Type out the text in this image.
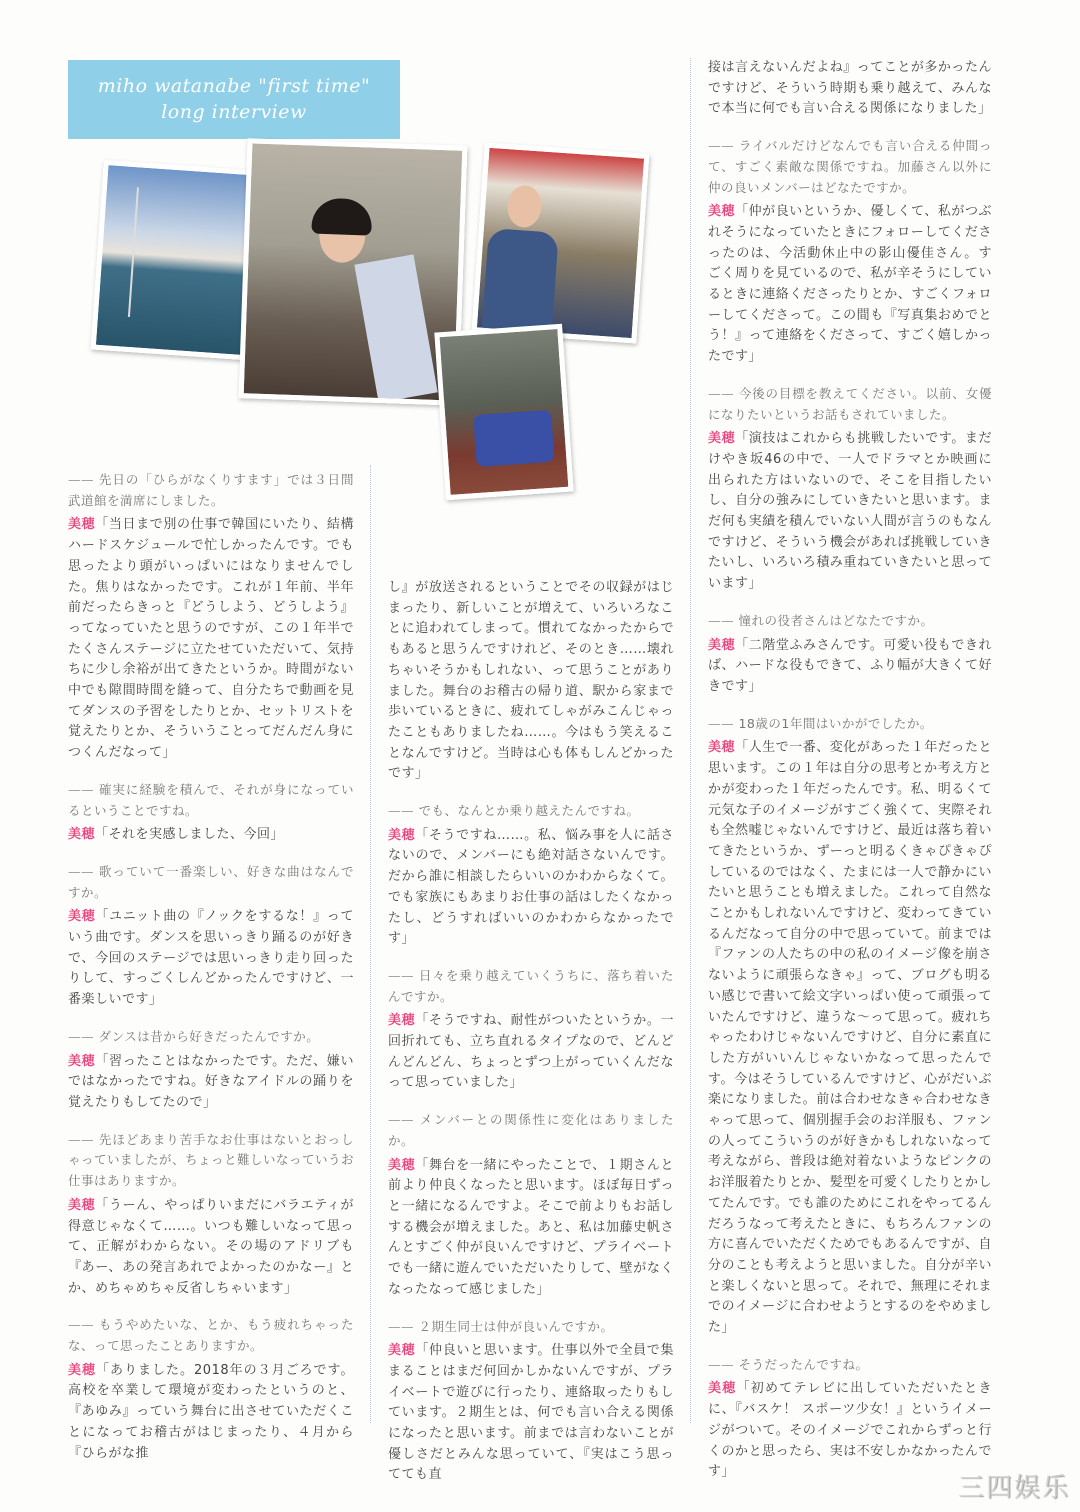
miho watanabe "first time"
long interview

—— 先日の「ひらがなくりすます」では３日間武道館を満席にしました。

美穂「当日まで別の仕事で韓国にいたり、結構ハードスケジュールで忙しかったんです。でも思ったより頭がいっぱいにはなりませんでした。焦りはなかったです。これが１年前、半年前だったらきっと『どうしよう、どうしよう』ってなっていたと思うのですが、この１年半でたくさんステージに立たせていただいて、気持ちに少し余裕が出てきたというか。時間がない中でも隙間時間を縫って、自分たちで動画を見てダンスの予習をしたりとか、セットリストを覚えたりとか、そういうことってだんだん身につくんだなって」

—— 確実に経験を積んで、それが身になっているということですね。

美穂「それを実感しました、今回」

—— 歌っていて一番楽しい、好きな曲はなんですか。

美穂「ユニット曲の『ノックをするな！』っていう曲です。ダンスを思いっきり踊るのが好きで、今回のステージでは思いっきり走り回ったりして、すっごくしんどかったんですけど、一番楽しいです」

—— ダンスは昔から好きだったんですか。

美穂「習ったことはなかったです。ただ、嫌いではなかったですね。好きなアイドルの踊りを覚えたりもしてたので」

—— 先ほどあまり苦手なお仕事はないとおっしゃっていましたが、ちょっと難しいなっていうお仕事はありますか。

美穂「うーん、やっぱりいまだにバラエティが得意じゃなくて……。いつも難しいなって思って、正解がわからない。その場のアドリブも『あー、あの発言あれでよかったのかなー』とか、めちゃめちゃ反省しちゃいます」

—— もうやめたいな、とか、もう疲れちゃったな、って思ったことありますか。

美穂「ありました。2018年の３月ごろです。高校を卒業して環境が変わったというのと、『あゆみ』っていう舞台に出させていただくことになってお稽古がはじまったり、４月から『ひらがな推

し』が放送されるということでその収録がはじまったり、新しいことが増えて、いろいろなことに追われてしまって。慣れてなかったからでもあると思うんですけれど、そのとき……壊れちゃいそうかもしれない、って思うことがありました。舞台のお稽古の帰り道、駅から家まで歩いているときに、疲れてしゃがみこんじゃったこともありましたね……。今はもう笑えることなんですけど。当時は心も体もしんどかったです」

—— でも、なんとか乗り越えたんですね。

美穂「そうですね……。私、悩み事を人に話さないので、メンバーにも絶対話さないんです。だから誰に相談したらいいのかわからなくて。でも家族にもあまりお仕事の話はしたくなかったし、どうすればいいのかわからなかったです」

—— 日々を乗り越えていくうちに、落ち着いたんですか。

美穂「そうですね、耐性がついたというか。一回折れても、立ち直れるタイプなので、どんどんどんどん、ちょっとずつ上がっていくんだなって思っていました」

—— メンバーとの関係性に変化はありましたか。

美穂「舞台を一緒にやったことで、１期さんと前より仲良くなったと思います。ほぼ毎日ずっと一緒になるんですよ。そこで前よりもお話しする機会が増えました。あと、私は加藤史帆さんとすごく仲が良いんですけど、プライベートでも一緒に遊んでいただいたりして、壁がなくなったなって感じました」

—— ２期生同士は仲が良いんですか。

美穂「仲良いと思います。仕事以外で全員で集まることはまだ何回かしかないんですが、プライベートで遊びに行ったり、連絡取ったりもしています。２期生とは、何でも言い合える関係になったと思います。前までは言わないことが優しさだとみんな思っていて、『実はこう思ってても直

接は言えないんだよね』ってことが多かったんですけど、そういう時期も乗り越えて、みんなで本当に何でも言い合える関係になりました」

—— ライバルだけどなんでも言い合える仲間って、すごく素敵な関係ですね。加藤さん以外に仲の良いメンバーはどなたですか。

美穂「仲が良いというか、優しくて、私がつぶれそうになっていたときにフォローしてくださったのは、今活動休止中の影山優佳さん。すごく周りを見ているので、私が辛そうにしているときに連絡くださったりとか、すごくフォローしてくださって。この間も『写真集おめでとう！』って連絡をくださって、すごく嬉しかったです」

—— 今後の目標を教えてください。以前、女優になりたいというお話もされていました。

美穂「演技はこれからも挑戦したいです。まだけやき坂46の中で、一人でドラマとか映画に出られた方はいないので、そこを目指したいし、自分の強みにしていきたいと思います。まだ何も実績を積んでいない人間が言うのもなんですけど、そういう機会があれば挑戦していきたいし、いろいろ積み重ねていきたいと思っています」

—— 憧れの役者さんはどなたですか。

美穂「二階堂ふみさんです。可愛い役もできれば、ハードな役もできて、ふり幅が大きくて好きです」

—— 18歳の1年間はいかがでしたか。

美穂「人生で一番、変化があった１年だったと思います。この１年は自分の思考とか考え方とかが変わった１年だったんです。私、明るくて元気な子のイメージがすごく強くて、実際それも全然嘘じゃないんですけど、最近は落ち着いてきたというか、ずーっと明るくきゃぴきゃぴしているのではなく、たまには一人で静かにいたいと思うことも増えました。これって自然なことかもしれないんですけど、変わってきているんだなって自分の中で思っていて。前までは『ファンの人たちの中の私のイメージ像を崩さないように頑張らなきゃ』って、ブログも明るい感じで書いて絵文字いっぱい使って頑張っていたんですけど、違うな～って思って。疲れちゃったわけじゃないんですけど、自分に素直にした方がいいんじゃないかなって思ったんです。今はそうしているんですけど、心がだいぶ楽になりました。前は合わせなきゃ合わせなきゃって思って、個別握手会のお洋服も、ファンの人ってこういうのが好きかもしれないなって考えながら、普段は絶対着ないようなピンクのお洋服着たりとか、髪型を可愛くしたりとかしてたんです。でも誰のためにこれをやってるんだろうなって考えたときに、もちろんファンの方に喜んでいただくためでもあるんですが、自分のことも考えようと思いました。自分が辛いと楽しくないと思って。それで、無理にそれまでのイメージに合わせようとするのをやめました」

—— そうだったんですね。

美穂「初めてテレビに出していただいたときに、『バスケ！ スポーツ少女！』というイメージがついて。そのイメージでこれからずっと行くのかと思ったら、実は不安しかなかったんです」

三四娱乐
